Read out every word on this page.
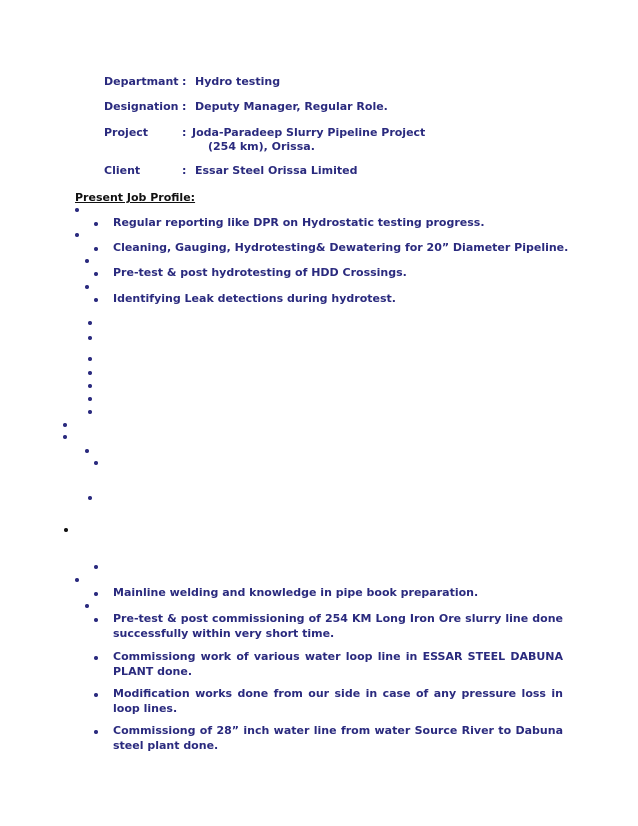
Departmant : Hydro testing
Designation : Deputy Manager, Regular Role.
Project	: Joda-Paradeep Slurry Pipeline Project
(254 km), Orissa.
Client	: Essar Steel Orissa Limited
Present Job Profile:
Regular reporting like DPR on Hydrostatic testing progress.
Cleaning, Gauging, Hydrotesting& Dewatering for 20” Diameter Pipeline.
Pre-test & post hydrotesting of HDD Crossings.
Identifying Leak detections during hydrotest.
Mainline welding and knowledge in pipe book preparation.
Pre-test & post commissioning of 254 KM Long Iron Ore slurry line done successfully within very short time.
Commissiong work of various water loop line in ESSAR STEEL DABUNA PLANT done.
Modification works done from our side in case of any pressure loss in loop lines.
Commissiong of 28” inch water line from water Source River to Dabuna steel plant done.
